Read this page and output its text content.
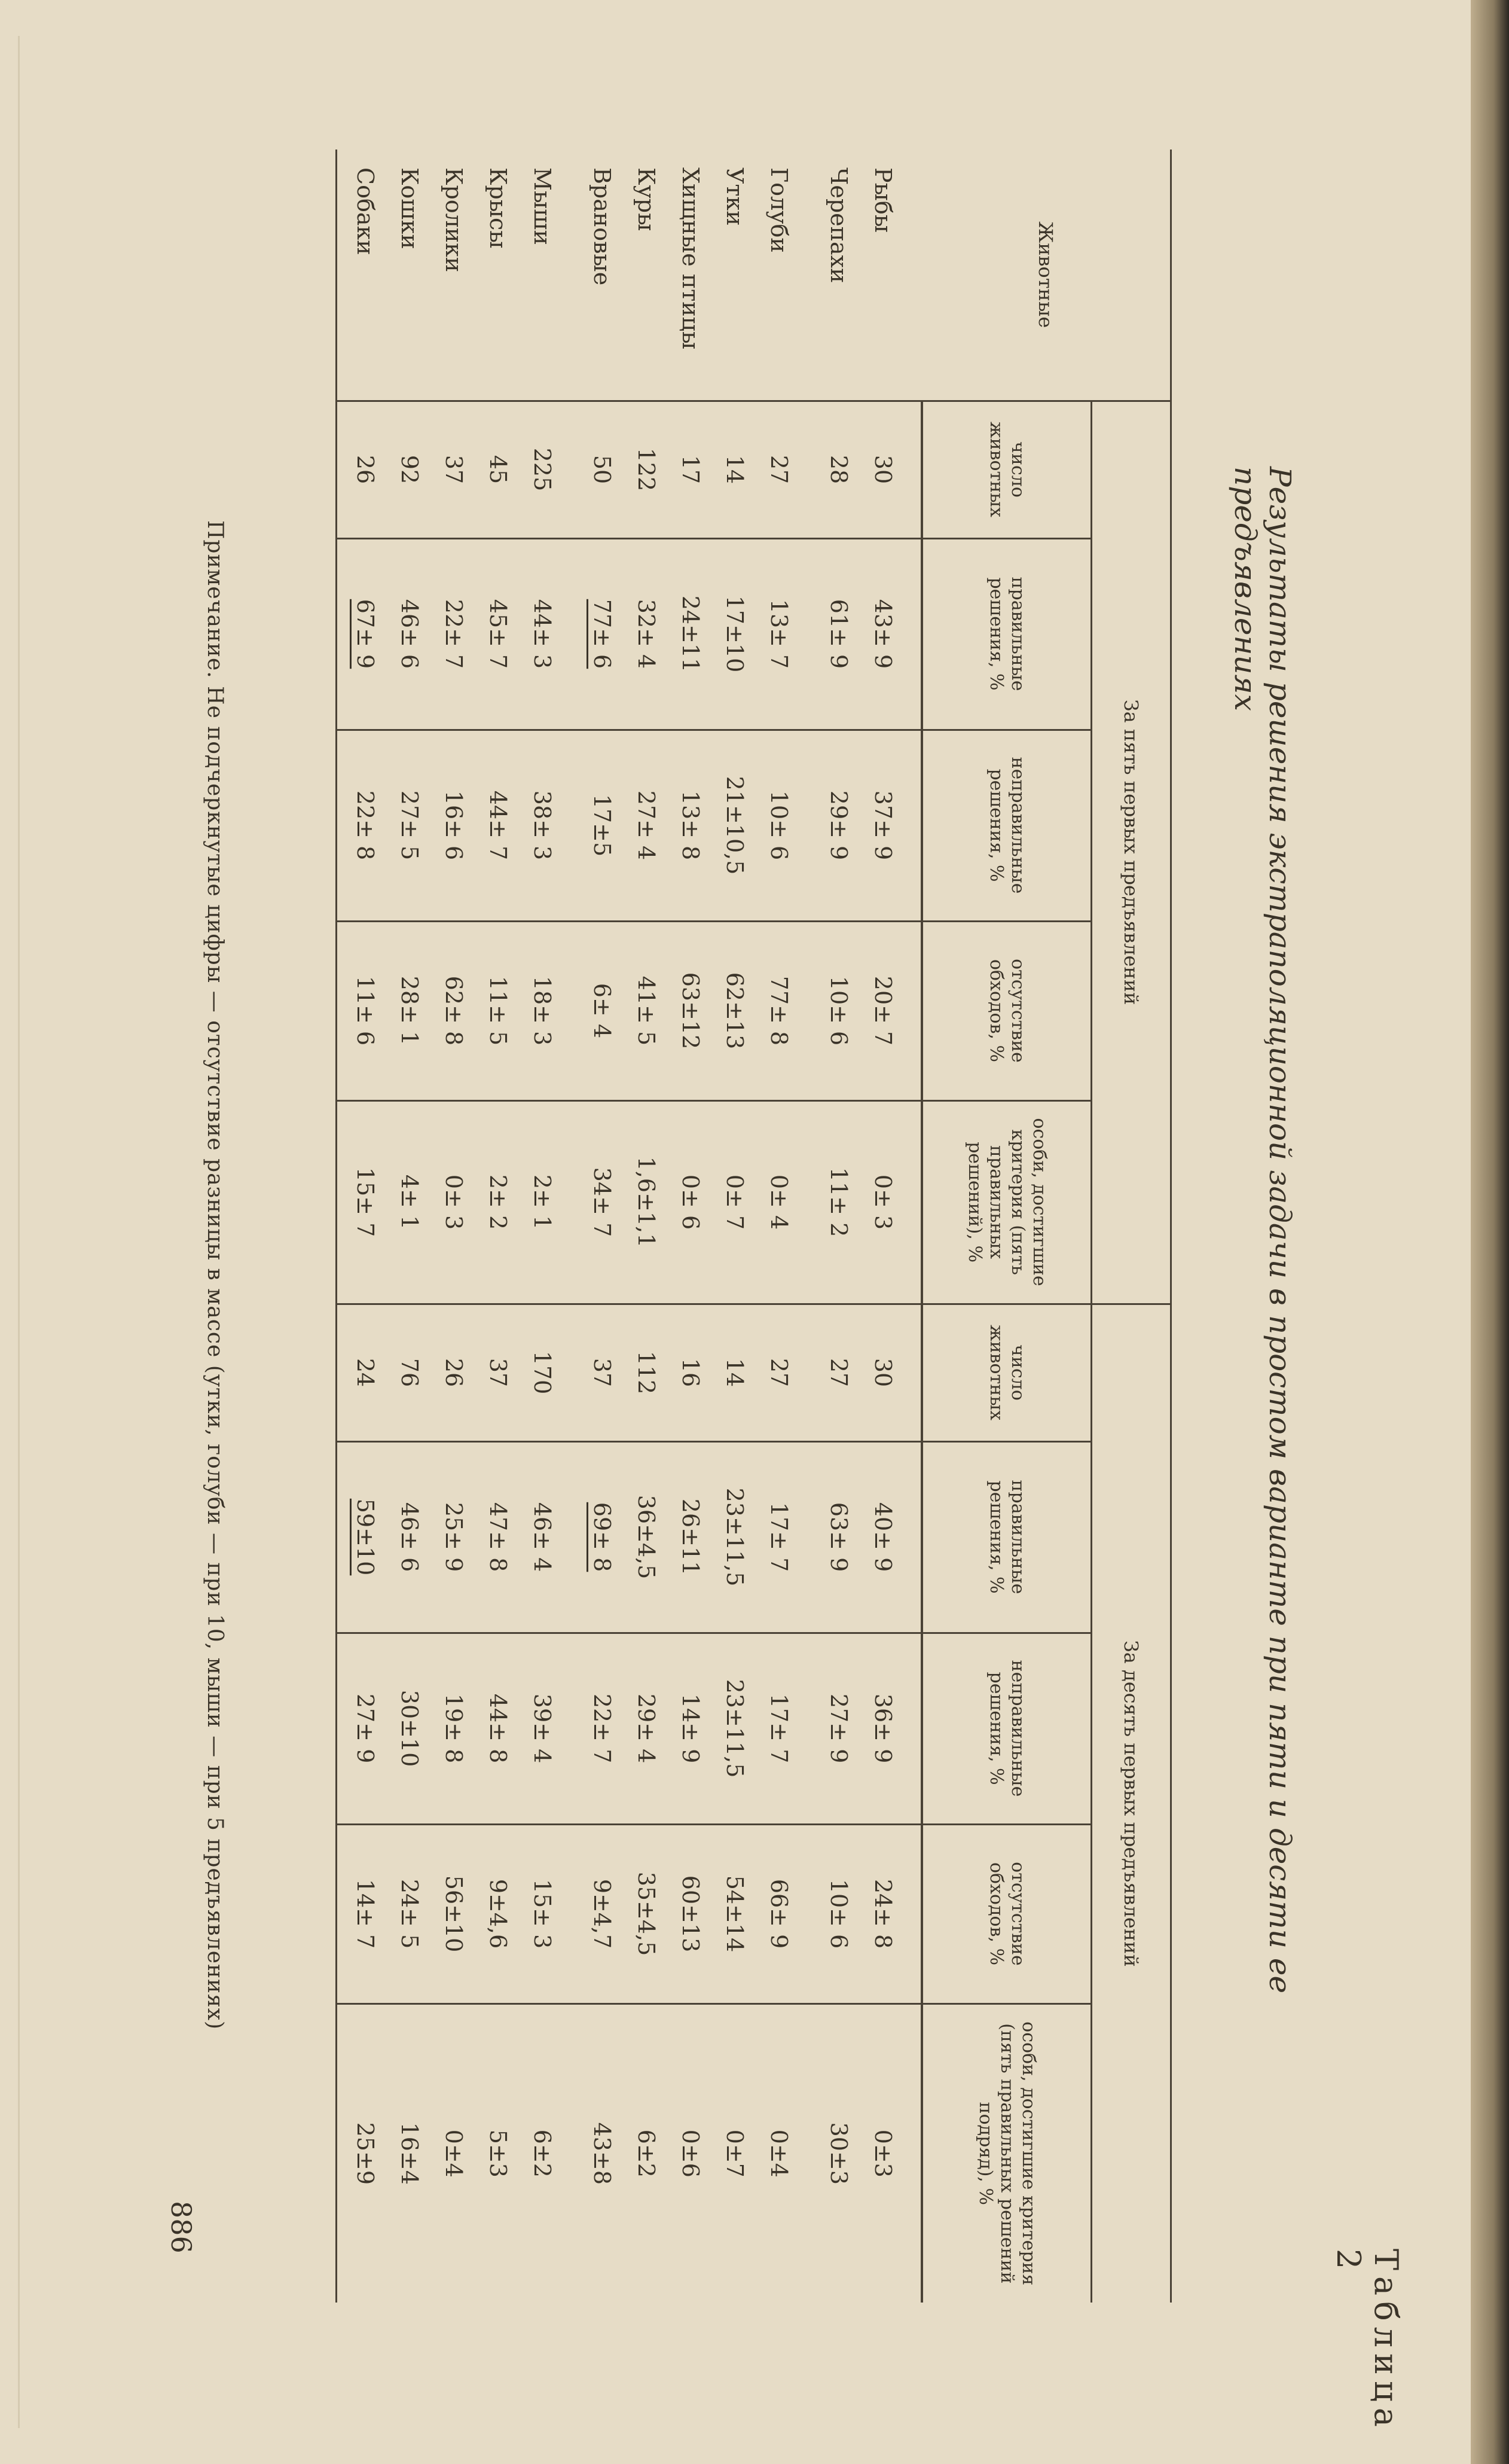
886
Таблица 2
Результаты решения экстраполяционной задачи в простом варианте при пяти и десяти ее предъявлениях
Животные	За пять первых предъявлений					За десять первых предъявлений				
	число животных	правильные решения, %	неправильные решения, %	отсутствие обходов, %	особи, достигшие критерия (пять правильных решений), %	число животных	правильные решения, %	неправильные решения, %	отсутствие обходов, %	особи, достигшие критерия (пять правильных решений подряд), %

Рыбы	30	43± 9	37± 9	20± 7	0± 3	30	40± 9	36± 9	24± 8	0±3
Черепахи	28	61± 9	29± 9	10± 6	11± 2	27	63± 9	27± 9	10± 6	30±3

Голуби	27	13± 7	10± 6	77± 8	0± 4	27	17± 7	17± 7	66± 9	0±4
Утки	14	17±10	21±10,5	62±13	0± 7	14	23±11,5	23±11,5	54±14	0±7
Хищные птицы	17	24±11	13± 8	63±12	0± 6	16	26±11	14± 9	60±13	0±6
Куры	122	32± 4	27± 4	41± 5	1,6±1,1	112	36±4,5	29± 4	35±4,5	6±2
Врановые	50	77± 6	17±5	6± 4	34± 7	37	69± 8	22± 7	9±4,7	43±8

Мыши	225	44± 3	38± 3	18± 3	2± 1	170	46± 4	39± 4	15± 3	6±2
Крысы	45	45± 7	44± 7	11± 5	2± 2	37	47± 8	44± 8	9±4,6	5±3
Кролики	37	22± 7	16± 6	62± 8	0± 3	26	25± 9	19± 8	56±10	0±4
Кошки	92	46± 6	27± 5	28± 1	4± 1	76	46± 6	30±10	24± 5	16±4
Собаки	26	67± 9	22± 8	11± 6	15± 7	24	59±10	27± 9	14± 7	25±9

Примечание. Не подчеркнутые цифры — отсутствие разницы в массе (утки, голуби — при 10, мыши — при 5 предъявлениях)
